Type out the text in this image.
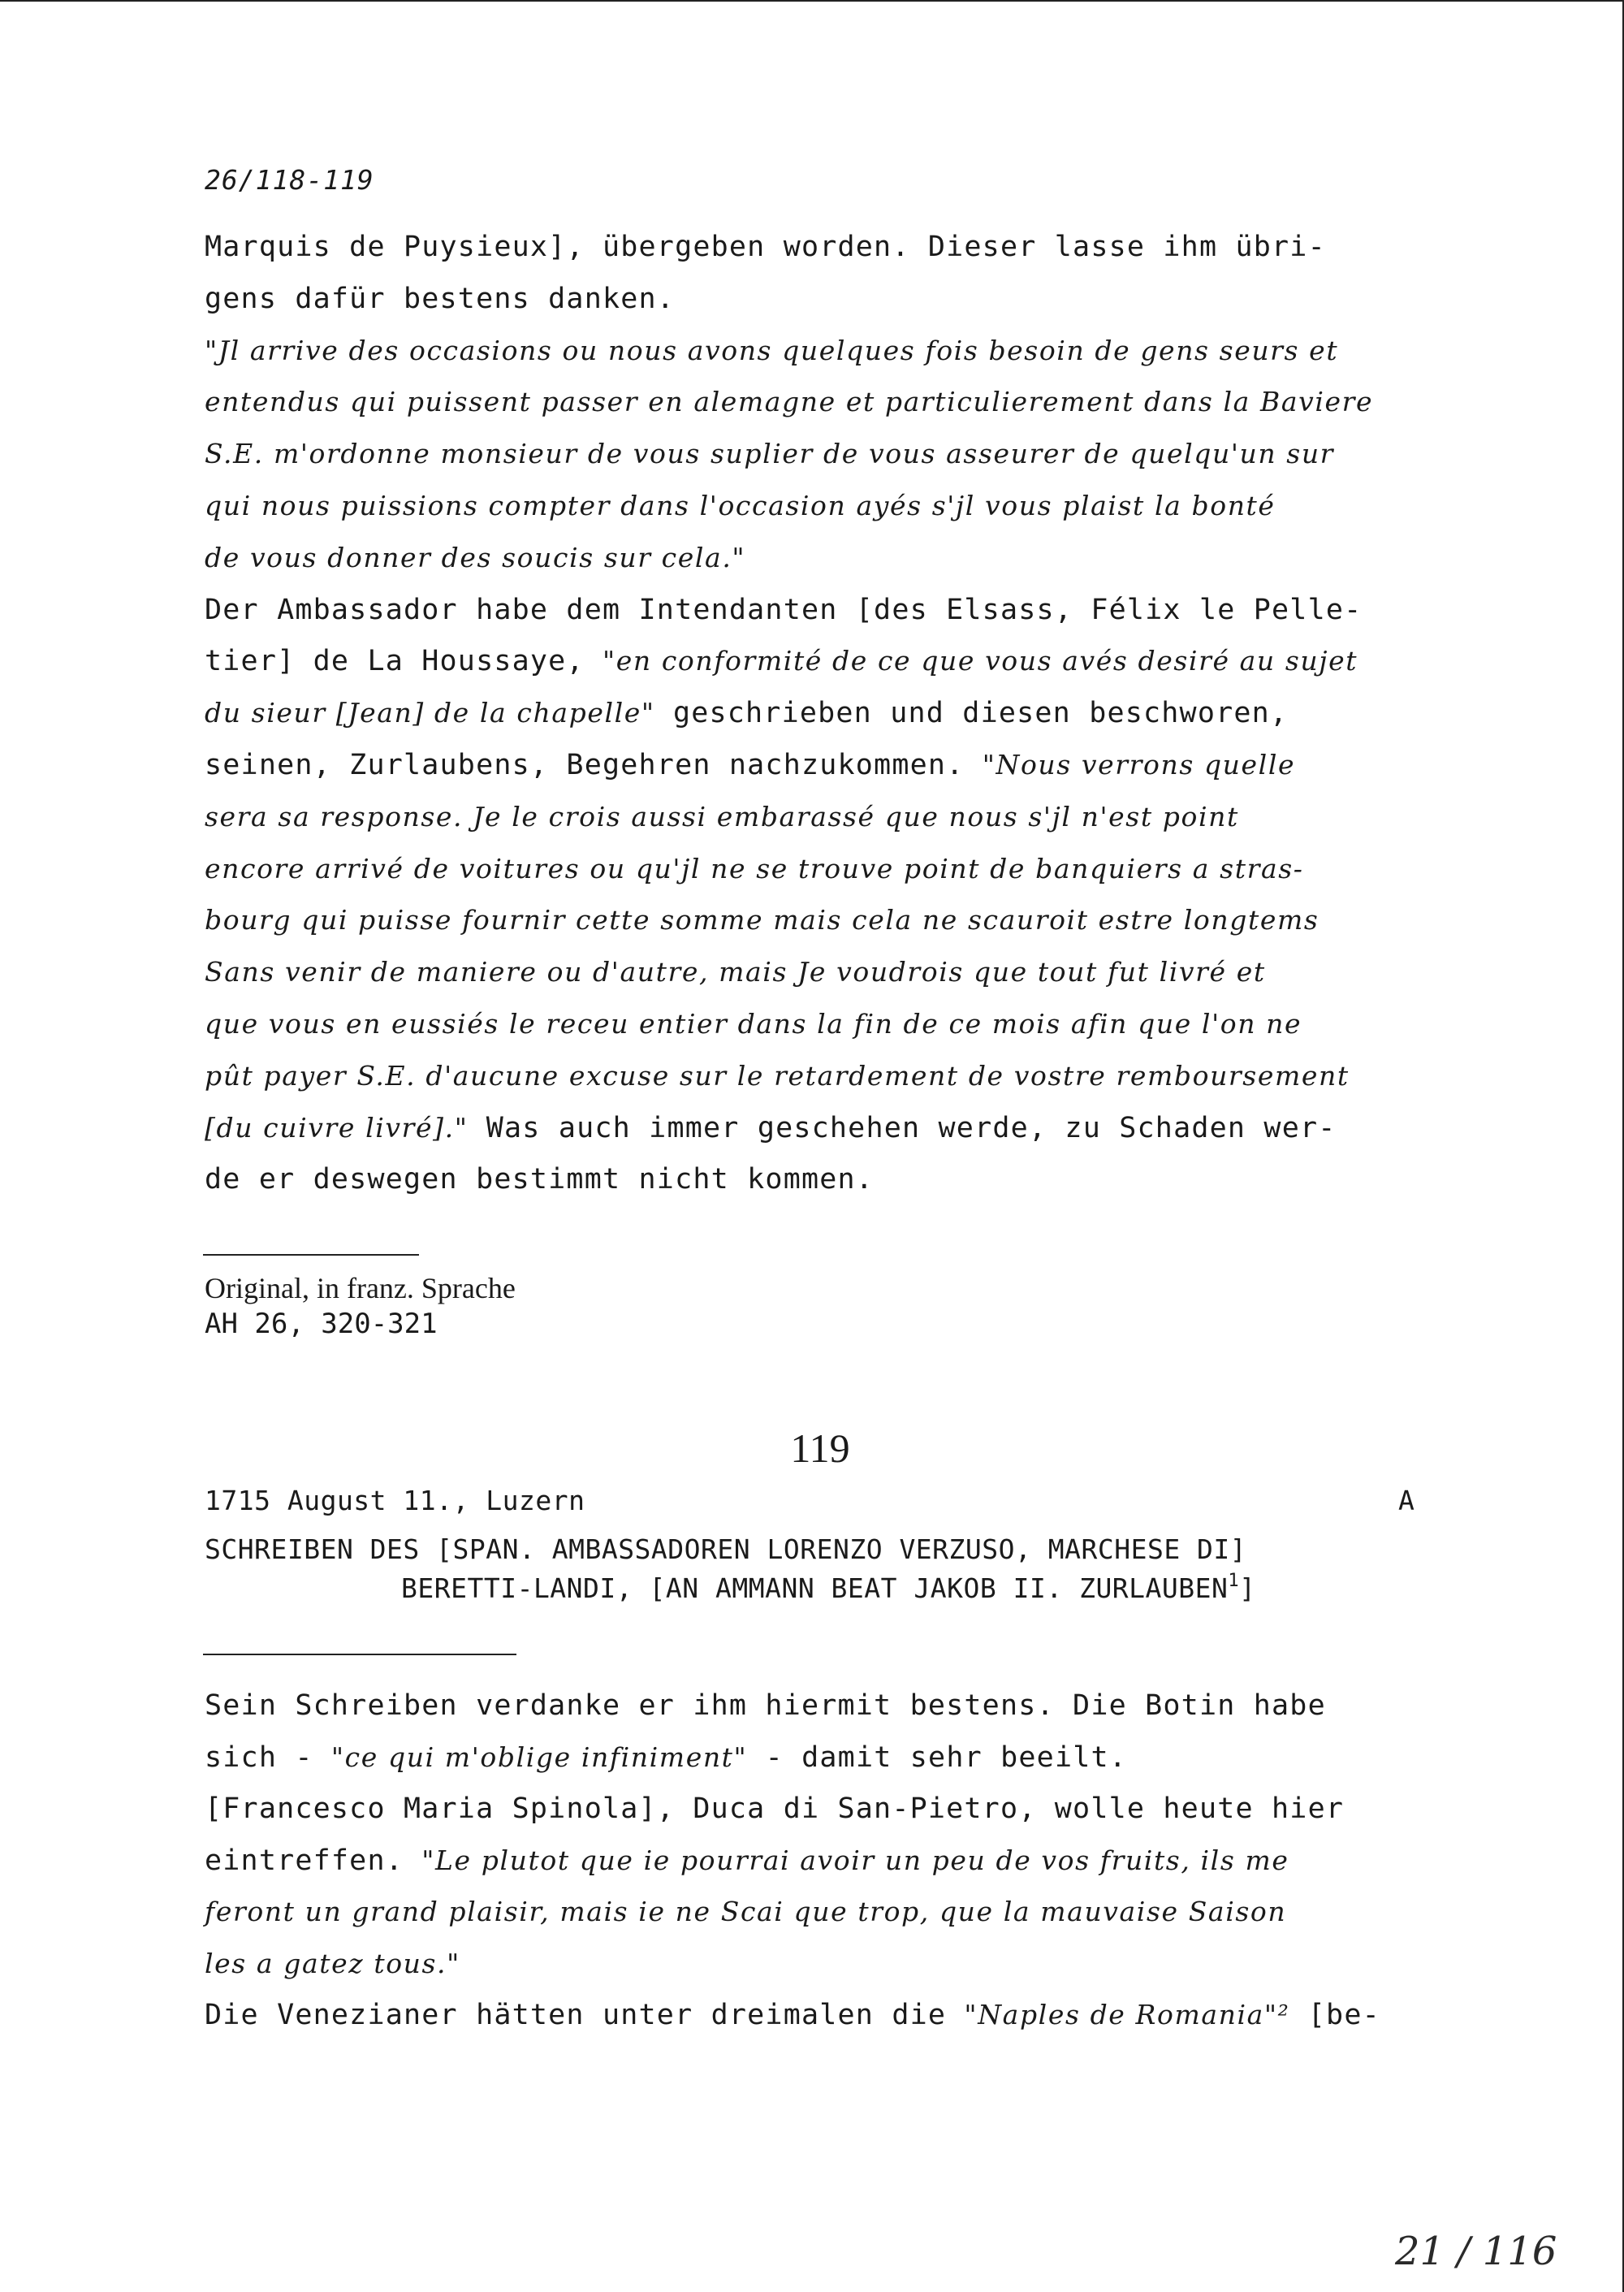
26/118-119
Marquis de Puysieux], übergeben worden. Dieser lasse ihm übri-
gens dafür bestens danken.
"Jl arrive des occasions ou nous avons quelques fois besoin de gens seurs et
entendus qui puissent passer en alemagne et particulierement dans la Baviere
S.E. m'ordonne monsieur de vous suplier de vous asseurer de quelqu'un sur
qui nous puissions compter dans l'occasion ayés s'jl vous plaist la bonté
de vous donner des soucis sur cela."
Der Ambassador habe dem Intendanten [des Elsass, Félix le Pelle-
tier] de La Houssaye, "en conformité de ce que vous avés desiré au sujet
du sieur [Jean] de la chapelle" geschrieben und diesen beschworen,
seinen, Zurlaubens, Begehren nachzukommen. "Nous verrons quelle
sera sa response. Je le crois aussi embarassé que nous s'jl n'est point
encore arrivé de voitures ou qu'jl ne se trouve point de banquiers a stras-
bourg qui puisse fournir cette somme mais cela ne scauroit estre longtems
Sans venir de maniere ou d'autre, mais Je voudrois que tout fut livré et
que vous en eussiés le receu entier dans la fin de ce mois afin que l'on ne
pût payer S.E. d'aucune excuse sur le retardement de vostre remboursement
[du cuivre livré]." Was auch immer geschehen werde, zu Schaden wer-
de er deswegen bestimmt nicht kommen.
Original, in franz. Sprache
AH 26, 320-321
119
1715 August 11., Luzern	A
SCHREIBEN DES [SPAN. AMBASSADOREN LORENZO VERZUSO, MARCHESE DI]
BERETTI-LANDI, [AN AMMANN BEAT JAKOB II. ZURLAUBEN$^1$]
Sein Schreiben verdanke er ihm hiermit bestens. Die Botin habe
sich - "ce qui m'oblige infiniment" - damit sehr beeilt.
[Francesco Maria Spinola], Duca di San-Pietro, wolle heute hier
eintreffen. "Le plutot que ie pourrai avoir un peu de vos fruits, ils me
feront un grand plaisir, mais ie ne Scai que trop, que la mauvaise Saison
les a gatez tous."
Die Venezianer hätten unter dreimalen die "Naples de Romania"² [be-
21 / 116
